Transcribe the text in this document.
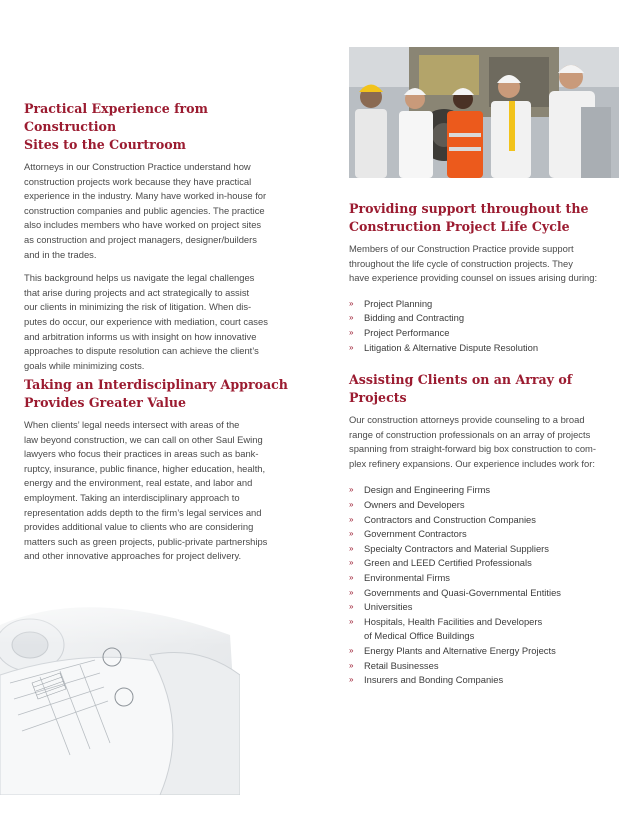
Practical Experience from Construction
Sites to the Courtroom

Attorneys in our Construction Practice understand how
construction projects work because they have practical
experience in the industry. Many have worked in-house for
construction companies and public agencies. The practice
also includes members who have worked on project sites
as construction and project managers, designer/builders
and in the trades.

This background helps us navigate the legal challenges
that arise during projects and act strategically to assist
our clients in minimizing the risk of litigation. When dis-
putes do occur, our experience with mediation, court cases
and arbitration informs us with insight on how innovative
approaches to dispute resolution can achieve the client’s
goals while minimizing costs.

Taking an Interdisciplinary Approach
Provides Greater Value

When clients’ legal needs intersect with areas of the
law beyond construction, we can call on other Saul Ewing
lawyers who focus their practices in areas such as bank-
ruptcy, insurance, public finance, higher education, health,
energy and the environment, real estate, and labor and
employment. Taking an interdisciplinary approach to
representation adds depth to the firm’s legal services and
provides additional value to clients who are considering
matters such as green projects, public-private partnerships
and other innovative approaches for project delivery.

Providing support throughout the
Construction Project Life Cycle

Members of our Construction Practice provide support
throughout the life cycle of construction projects. They
have experience providing counsel on issues arising during:

» Project Planning
» Bidding and Contracting
» Project Performance
» Litigation & Alternative Dispute Resolution
Assisting Clients on an Array of Projects

Our construction attorneys provide counseling to a broad
range of construction professionals on an array of projects
spanning from straight-forward big box construction to com-
plex refinery expansions. Our experience includes work for:

» Design and Engineering Firms
» Owners and Developers
» Contractors and Construction Companies
» Government Contractors
» Specialty Contractors and Material Suppliers
» Green and LEED Certified Professionals
» Environmental Firms
» Governments and Quasi-Governmental Entities
» Universities
» Hospitals, Health Facilities and Developers
of Medical Office Buildings
» Energy Plants and Alternative Energy Projects
» Retail Businesses
» Insurers and Bonding Companies
